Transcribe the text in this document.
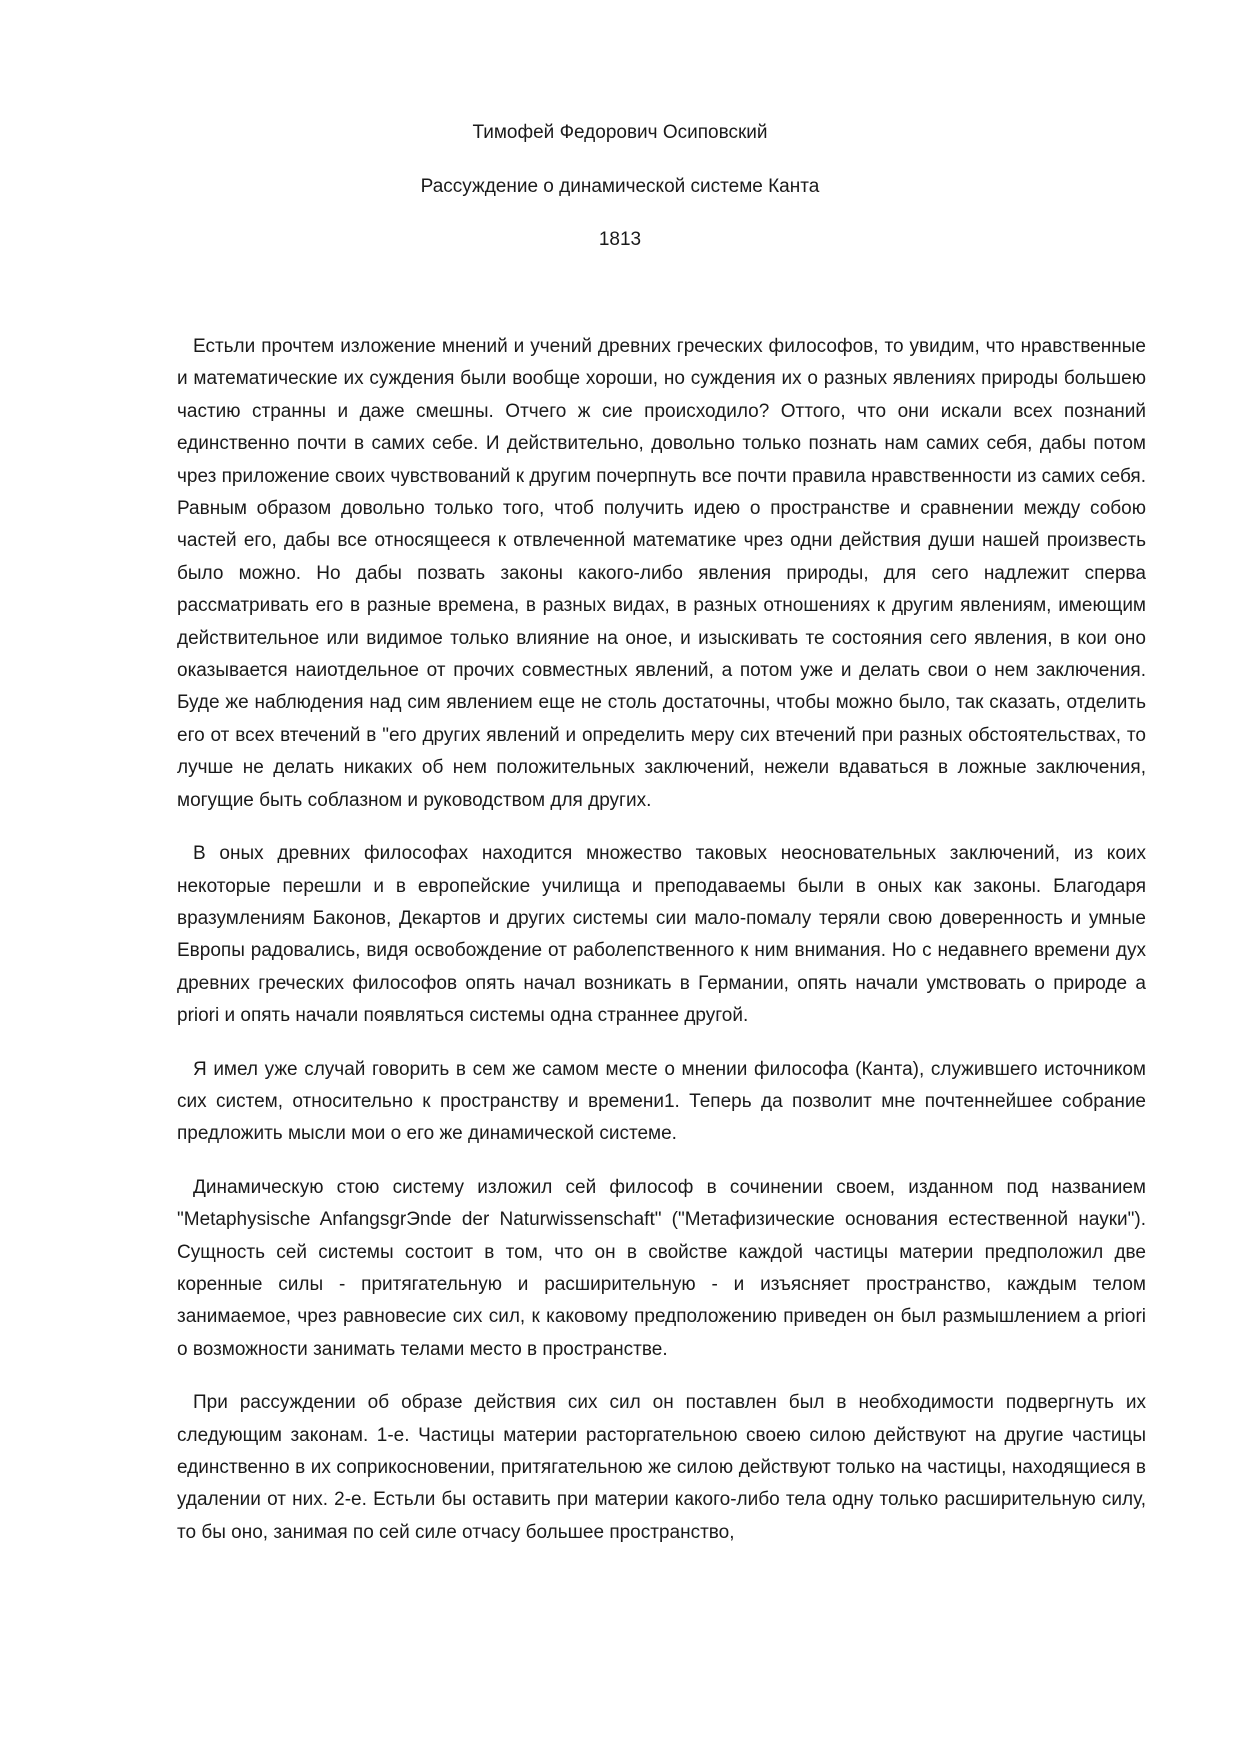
Тимофей Федорович Осиповский

Рассуждение о динамической системе Канта

1813

Естьли прочтем изложение мнений и учений древних греческих философов, то увидим, что нравственные и математические их суждения были вообще хороши, но суждения их о разных явлениях природы большею частию странны и даже смешны. Отчего ж сие происходило? Оттого, что они искали всех познаний единственно почти в самих себе. И действительно, довольно только познать нам самих себя, дабы потом чрез приложение своих чувствований к другим почерпнуть все почти правила нравственности из самих себя. Равным образом довольно только того, чтоб получить идею о пространстве и сравнении между собою частей его, дабы все относящееся к отвлеченной математике чрез одни действия души нашей произвесть было можно. Но дабы позвать законы какого-либо явления природы, для сего надлежит сперва рассматривать его в разные времена, в разных видах, в разных отношениях к другим явлениям, имеющим действительное или видимое только влияние на оное, и изыскивать те состояния сего явления, в кои оно оказывается наиотдельное от прочих совместных явлений, а потом уже и делать свои о нем заключения. Буде же наблюдения над сим явлением еще не столь достаточны, чтобы можно было, так сказать, отделить его от всех втечений в "его других явлений и определить меру сих втечений при разных обстоятельствах, то лучше не делать никаких об нем положительных заключений, нежели вдаваться в ложные заключения, могущие быть соблазном и руководством для других.

В оных древних философах находится множество таковых неосновательных заключений, из коих некоторые перешли и в европейские училища и преподаваемы были в оных как законы. Благодаря вразумлениям Баконов, Декартов и других системы сии мало-помалу теряли свою доверенность и умные Европы радовались, видя освобождение от раболепственного к ним внимания. Но с недавнего времени дух древних греческих философов опять начал возникать в Германии, опять начали умствовать о природе a priori и опять начали появляться системы одна страннее другой.

Я имел уже случай говорить в сем же самом месте о мнении философа (Канта), служившего источником сих систем, относительно к пространству и времени1. Теперь да позволит мне почтеннейшее собрание предложить мысли мои о его же динамической системе.

Динамическую стою систему изложил сей философ в сочинении своем, изданном под названием "Metaphysische AnfangsgrЭnde der Naturwissenschaft" ("Метафизические основания естественной науки"). Сущность сей системы состоит в том, что он в свойстве каждой частицы материи предположил две коренные силы - притягательную и расширительную - и изъясняет пространство, каждым телом занимаемое, чрез равновесие сих сил, к каковому предположению приведен он был размышлением a priori о возможности занимать телами место в пространстве.

При рассуждении об образе действия сих сил он поставлен был в необходимости подвергнуть их следующим законам. 1-е. Частицы материи расторгательною своею силою действуют на другие частицы единственно в их соприкосновении, притягательною же силою действуют только на частицы, находящиеся в удалении от них. 2-е. Естьли бы оставить при материи какого-либо тела одну только расширительную силу, то бы оно, занимая по сей силе отчасу большее пространство,
